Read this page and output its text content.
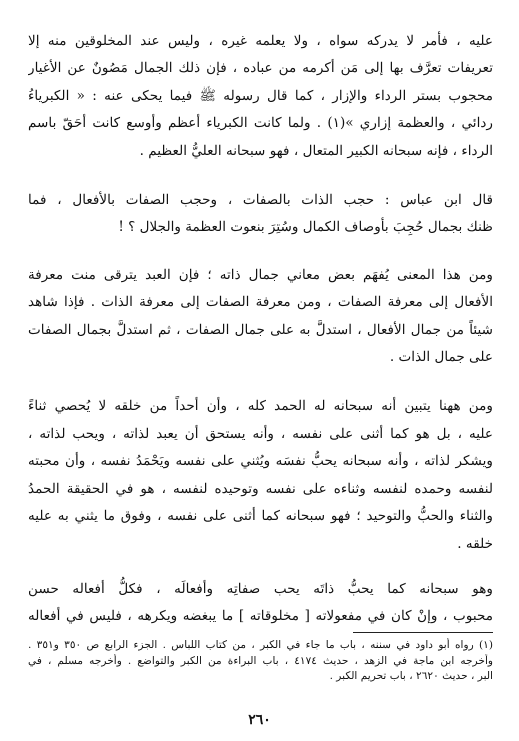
عليه ، فأمر لا يدركه سواه ، ولا يعلمه غيره ، وليس عند المخلوقين منه إلا
تعريفات تعرَّف بها إلى مَن أكرمه من عباده ، فإن ذلك الجمال مَصُونٌ عن الأغيار
محجوب بستر الرداء والإزار ، كما قال رسوله ﷺ فيما يحكى عنه : « الكبرياءُ
ردائي ، والعظمة إزاري »(١) . ولما كانت الكبرياء أعظم وأوسع كانت أحَقّ باسم
الرداء ، فإنه سبحانه الكبير المتعال ، فهو سبحانه العليُّ العظيم .

قال ابن عباس : حجب الذات بالصفات ، وحجب الصفات بالأفعال ، فما
ظنك بجمال حُجِبَ بأوصاف الكمال وسُتِرَ بنعوت العظمة والجلال ؟ !

ومن هذا المعنى يُفهَم بعض معاني جمال ذاته ؛ فإن العبد يترقى منت معرفة
الأفعال إلى معرفة الصفات ، ومن معرفة الصفات إلى معرفة الذات . فإذا شاهد
شيئاً من جمال الأفعال ، استدلَّ به على جمال الصفات ، ثم استدلَّ بجمال الصفات
على جمال الذات .

ومن ههنا يتبين أنه سبحانه له الحمد كله ، وأن أحداً من خلقه لا يُحصي ثناءً
عليه ، بل هو كما أثنى على نفسه ، وأنه يستحق أن يعبد لذاته ، ويحب لذاته ،
ويشكر لذاته ، وأنه سبحانه يحبُّ نفسَه ويُثني على نفسه ويَحْمَدُ نفسه ، وأن محبته
لنفسه وحمده لنفسه وثناءه على نفسه وتوحيده لنفسه ، هو في الحقيقة الحمدُ
والثناء والحبُّ والتوحيد ؛ فهو سبحانه كما أثنى على نفسه ، وفوق ما يثني به عليه
خلقه .

وهو سبحانه كما يحبُّ ذاتَه يحب صفاتِه وأفعالَه ، فكلُّ أفعاله حسن
محبوب ، وإنْ كان في مفعولاته [ مخلوقاته ] ما يبغضه ويكرهه ، فليس في أفعاله

(١) رواه أبو داود في سننه ، باب ما جاء في الكبر ، من كتاب اللباس . الجزء الرابع ص ٣٥٠ و٣٥١ .
وأخرجه ابن ماجة في الزهد ، حديث ٤١٧٤ ، باب البراءة من الكبر والتواضع . وأخرجه مسلم ، في
البر ، حديث ٢٦٢٠ ، باب تحريم الكبر .
٢٦٠
